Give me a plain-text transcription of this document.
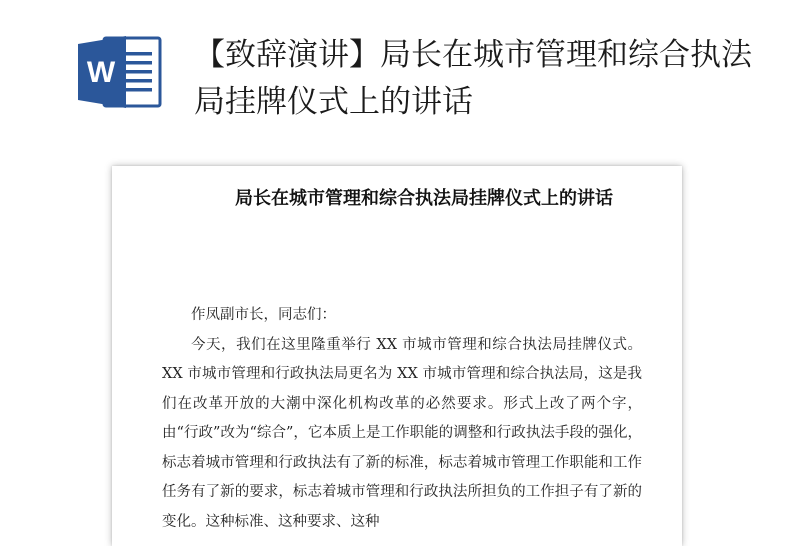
W	【致辞演讲】局长在城市管理和综合执法局挂牌仪式上的讲话
局长在城市管理和综合执法局挂牌仪式上的讲话

作凤副市长，同志们：

今天，我们在这里隆重举行 XX 市城市管理和综合执法局挂牌仪式。XX 市城市管理和行政执法局更名为 XX 市城市管理和综合执法局，这是我们在改革开放的大潮中深化机构改革的必然要求。形式上改了两个字，由“行政”改为“综合”，它本质上是工作职能的调整和行政执法手段的强化，标志着城市管理和行政执法有了新的标准，标志着城市管理工作职能和工作任务有了新的要求，标志着城市管理和行政执法所担负的工作担子有了新的变化。这种标准、这种要求、这种
